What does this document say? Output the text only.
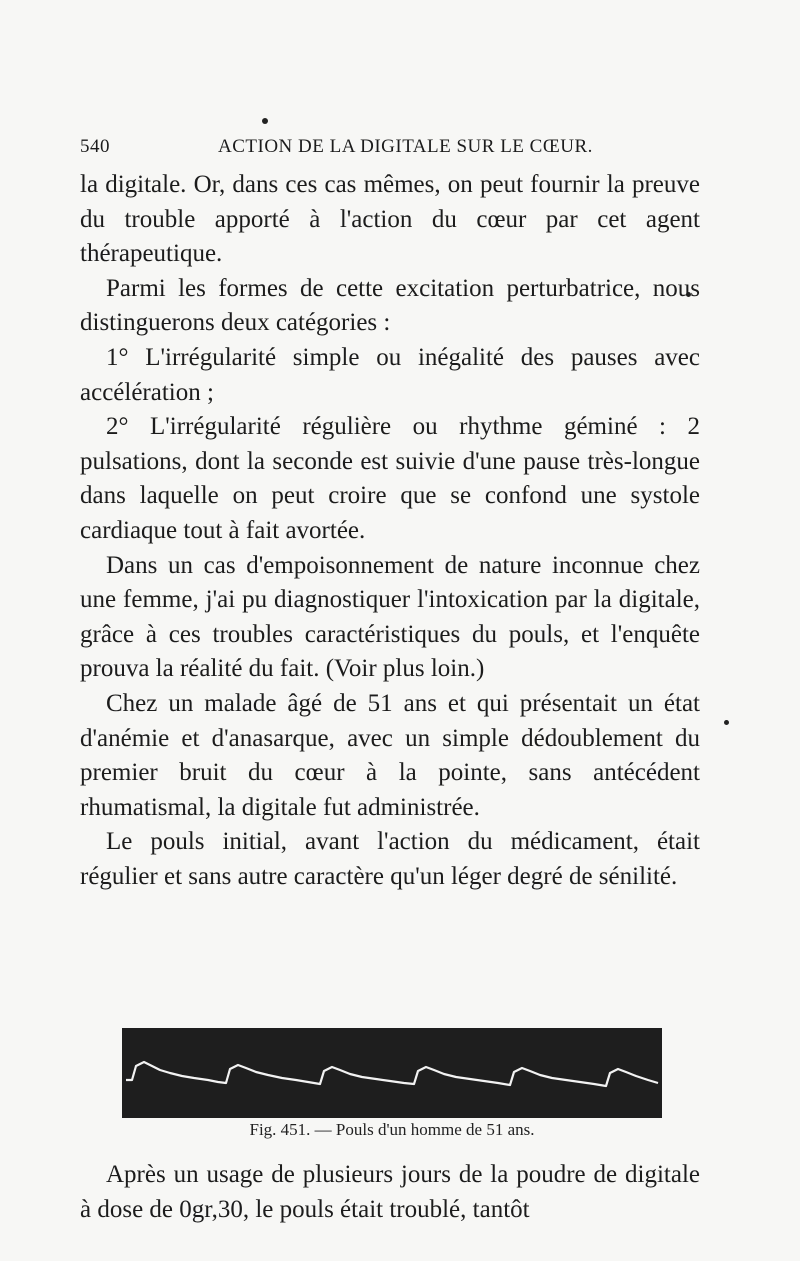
540	ACTION DE LA DIGITALE SUR LE CŒUR.

la digitale. Or, dans ces cas mêmes, on peut fournir la preuve du trouble apporté à l'action du cœur par cet agent thérapeutique.

Parmi les formes de cette excitation perturbatrice, nous distinguerons deux catégories :

1° L'irrégularité simple ou inégalité des pauses avec accélération ;

2° L'irrégularité régulière ou rhythme géminé : 2 pulsations, dont la seconde est suivie d'une pause très-longue dans laquelle on peut croire que se confond une systole cardiaque tout à fait avortée.

Dans un cas d'empoisonnement de nature inconnue chez une femme, j'ai pu diagnostiquer l'intoxication par la digitale, grâce à ces troubles caractéristiques du pouls, et l'enquête prouva la réalité du fait. (Voir plus loin.)

Chez un malade âgé de 51 ans et qui présentait un état d'anémie et d'anasarque, avec un simple dédoublement du premier bruit du cœur à la pointe, sans antécédent rhumatismal, la digitale fut administrée.

Le pouls initial, avant l'action du médicament, était régulier et sans autre caractère qu'un léger degré de sénilité.

Fig. 451. — Pouls d'un homme de 51 ans.

Après un usage de plusieurs jours de la poudre de digitale à dose de 0gr,30, le pouls était troublé, tantôt
